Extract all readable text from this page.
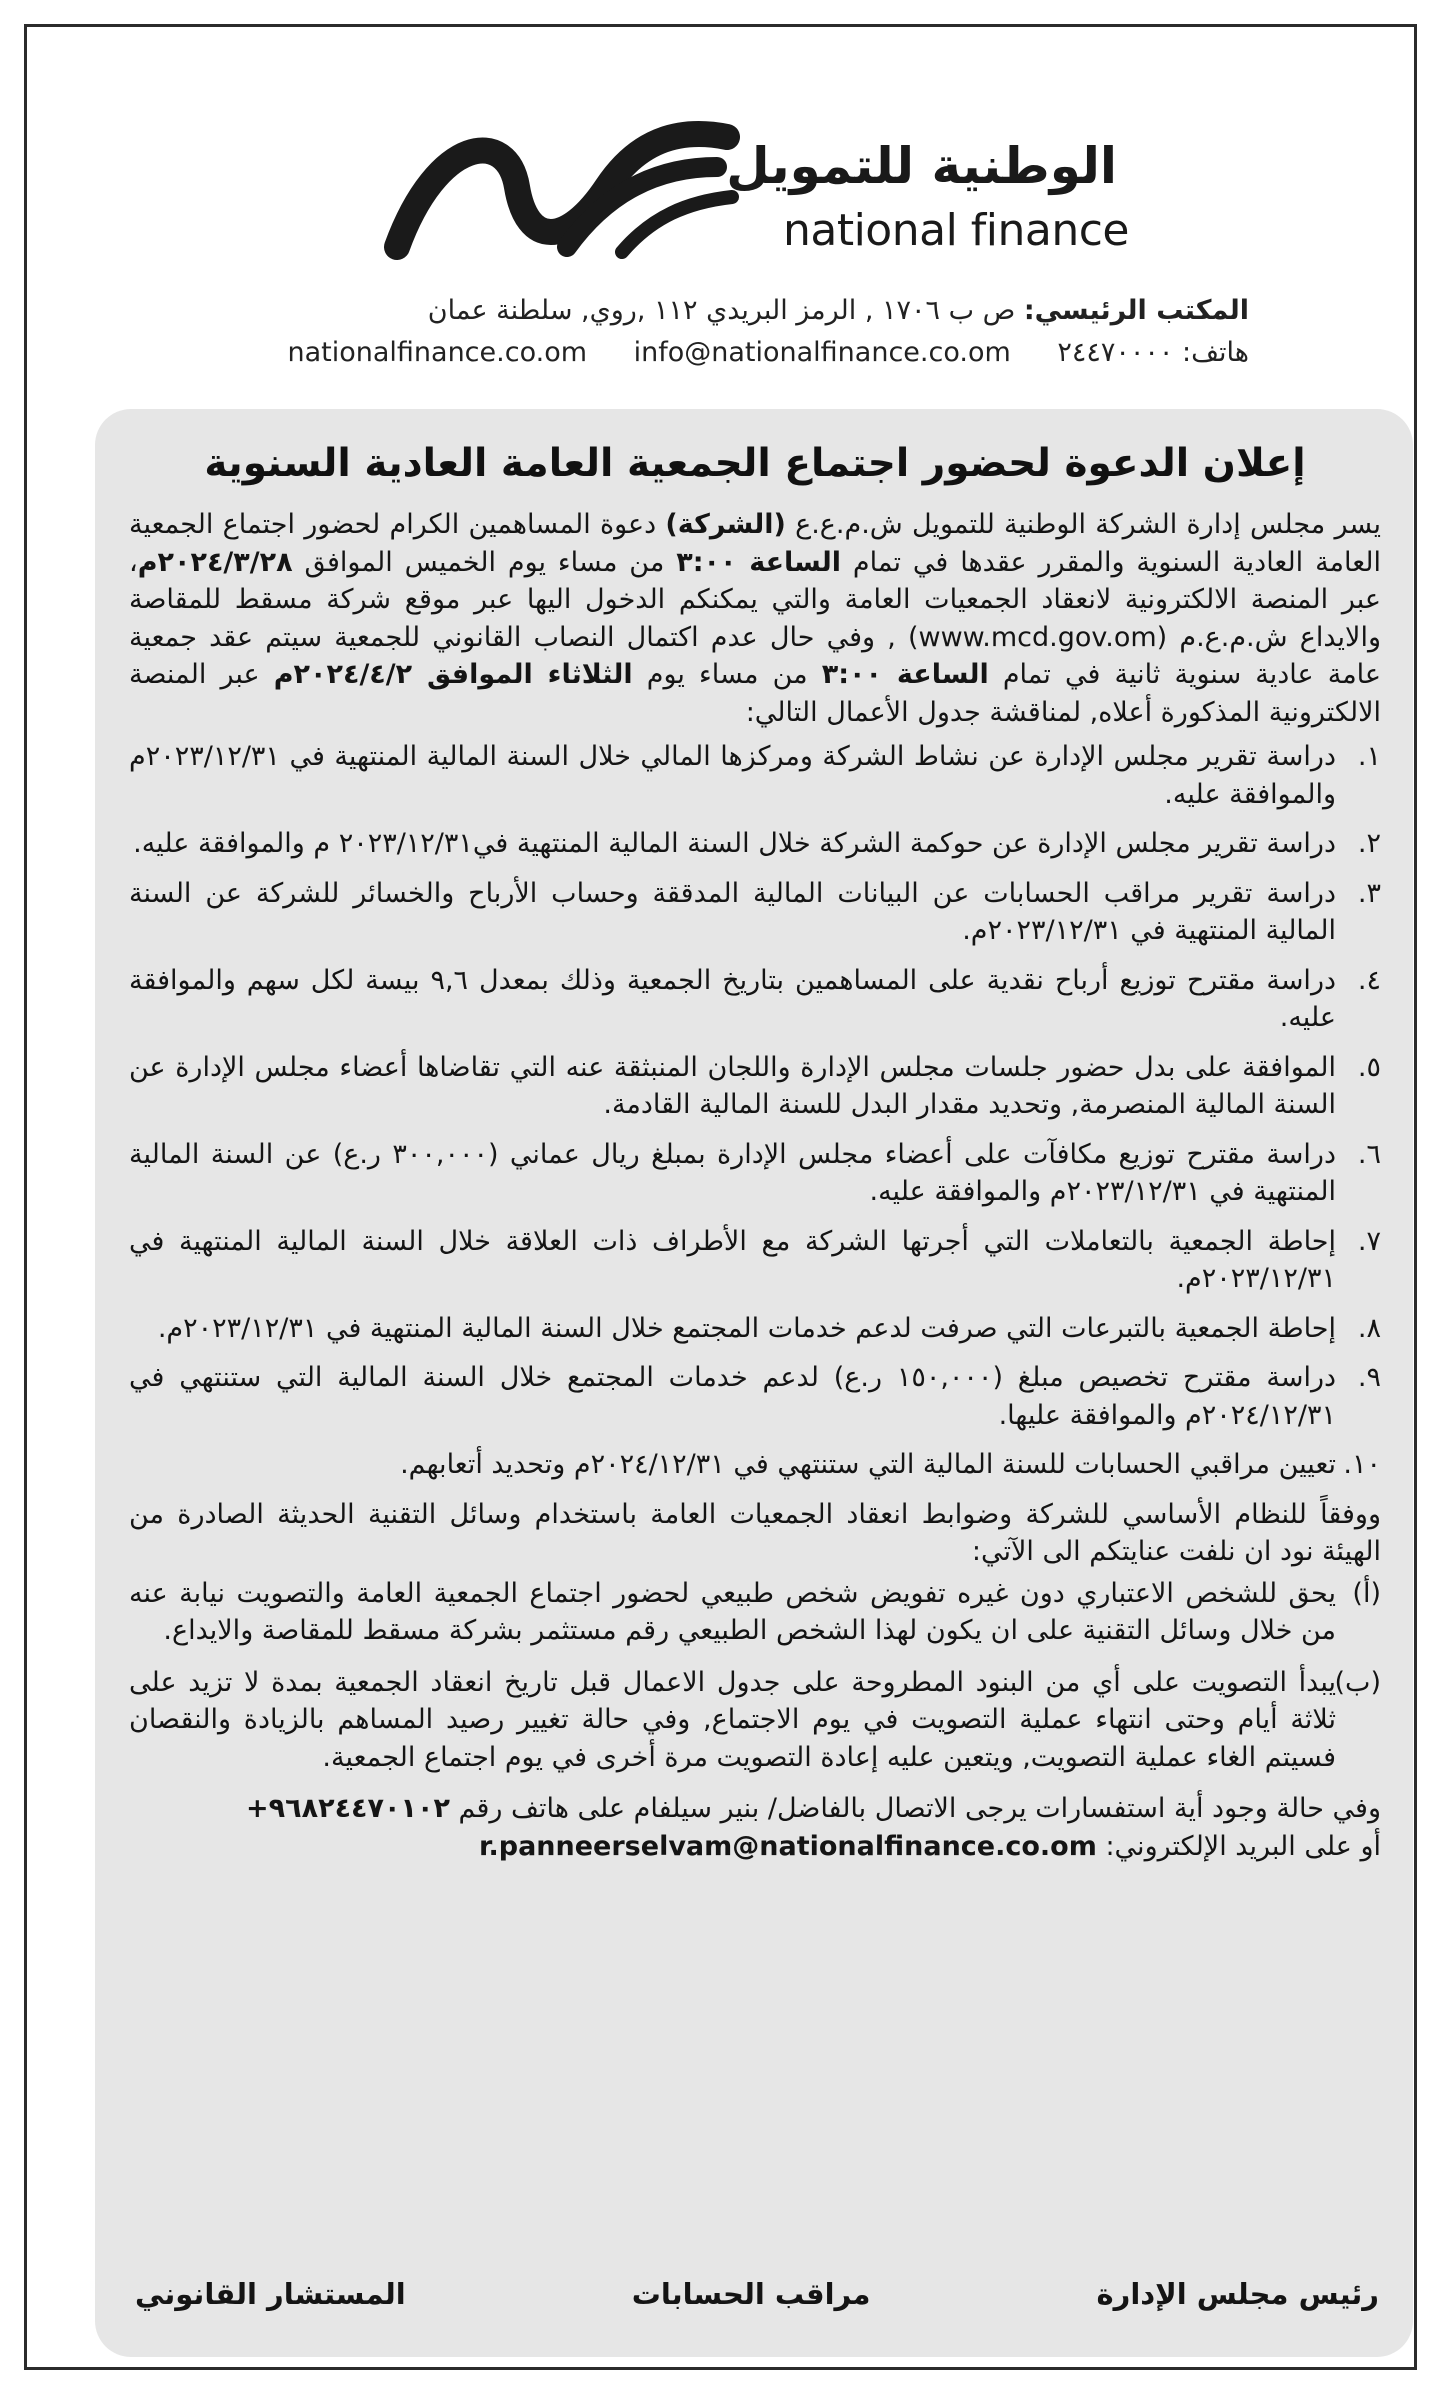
الوطنية للتمويل
national finance
المكتب الرئيسي: ص ب ١٧٠٦ , الرمز البريدي ١١٢ ,روي, سلطنة عمان
هاتف: ٢٤٤٧٠٠٠٠ nationalfinance.co.om info@nationalfinance.co.om
إعلان الدعوة لحضور اجتماع الجمعية العامة العادية السنوية

يسر مجلس إدارة الشركة الوطنية للتمويل ش.م.ع.ع (الشركة) دعوة المساهمين الكرام لحضور اجتماع الجمعية العامة العادية السنوية والمقرر عقدها في تمام الساعة ٣:٠٠ من مساء يوم الخميس الموافق ٢٠٢٤/٣/٢٨م، عبر المنصة الالكترونية لانعقاد الجمعيات العامة والتي يمكنكم الدخول اليها عبر موقع شركة مسقط للمقاصة والايداع ش.م.ع.م (www.mcd.gov.om) , وفي حال عدم اكتمال النصاب القانوني للجمعية سيتم عقد جمعية عامة عادية سنوية ثانية في تمام الساعة ٣:٠٠ من مساء يوم الثلاثاء الموافق ٢٠٢٤/٤/٢م عبر المنصة الالكترونية المذكورة أعلاه, لمناقشة جدول الأعمال التالي:

١.
دراسة تقرير مجلس الإدارة عن نشاط الشركة ومركزها المالي خلال السنة المالية المنتهية في ٢٠٢٣/١٢/٣١م والموافقة عليه.
٢.
دراسة تقرير مجلس الإدارة عن حوكمة الشركة خلال السنة المالية المنتهية في٢٠٢٣/١٢/٣١ م والموافقة عليه.
٣.
دراسة تقرير مراقب الحسابات عن البيانات المالية المدققة وحساب الأرباح والخسائر للشركة عن السنة المالية المنتهية في ٢٠٢٣/١٢/٣١م.
٤.
دراسة مقترح توزيع أرباح نقدية على المساهمين بتاريخ الجمعية وذلك بمعدل ٩,٦ بيسة لكل سهم والموافقة عليه.
٥.
الموافقة على بدل حضور جلسات مجلس الإدارة واللجان المنبثقة عنه التي تقاضاها أعضاء مجلس الإدارة عن السنة المالية المنصرمة, وتحديد مقدار البدل للسنة المالية القادمة.
٦.
دراسة مقترح توزيع مكافآت على أعضاء مجلس الإدارة بمبلغ ريال عماني (٣٠٠,٠٠٠ ر.ع) عن السنة المالية المنتهية في ٢٠٢٣/١٢/٣١م والموافقة عليه.
٧.
إحاطة الجمعية بالتعاملات التي أجرتها الشركة مع الأطراف ذات العلاقة خلال السنة المالية المنتهية في ٢٠٢٣/١٢/٣١م.
٨.
إحاطة الجمعية بالتبرعات التي صرفت لدعم خدمات المجتمع خلال السنة المالية المنتهية في ٢٠٢٣/١٢/٣١م.
٩.
دراسة مقترح تخصيص مبلغ (١٥٠,٠٠٠ ر.ع) لدعم خدمات المجتمع خلال السنة المالية التي ستنتهي في ٢٠٢٤/١٢/٣١م والموافقة عليها.
١٠.
تعيين مراقبي الحسابات للسنة المالية التي ستنتهي في ٢٠٢٤/١٢/٣١م وتحديد أتعابهم.

ووفقاً للنظام الأساسي للشركة وضوابط انعقاد الجمعيات العامة باستخدام وسائل التقنية الحديثة الصادرة من الهيئة نود ان نلفت عنايتكم الى الآتي:

(أ)
يحق للشخص الاعتباري دون غيره تفويض شخص طبيعي لحضور اجتماع الجمعية العامة والتصويت نيابة عنه من خلال وسائل التقنية على ان يكون لهذا الشخص الطبيعي رقم مستثمر بشركة مسقط للمقاصة والايداع.
(ب)
يبدأ التصويت على أي من البنود المطروحة على جدول الاعمال قبل تاريخ انعقاد الجمعية بمدة لا تزيد على ثلاثة أيام وحتى انتهاء عملية التصويت في يوم الاجتماع, وفي حالة تغيير رصيد المساهم بالزيادة والنقصان فسيتم الغاء عملية التصويت, ويتعين عليه إعادة التصويت مرة أخرى في يوم اجتماع الجمعية.

وفي حالة وجود أية استفسارات يرجى الاتصال بالفاضل/ بنير سيلفام على هاتف رقم ٩٦٨٢٤٤٧٠١٠٢+
أو على البريد الإلكتروني: r.panneerselvam@nationalfinance.co.om

رئيس مجلس الإدارة
مراقب الحسابات
المستشار القانوني
